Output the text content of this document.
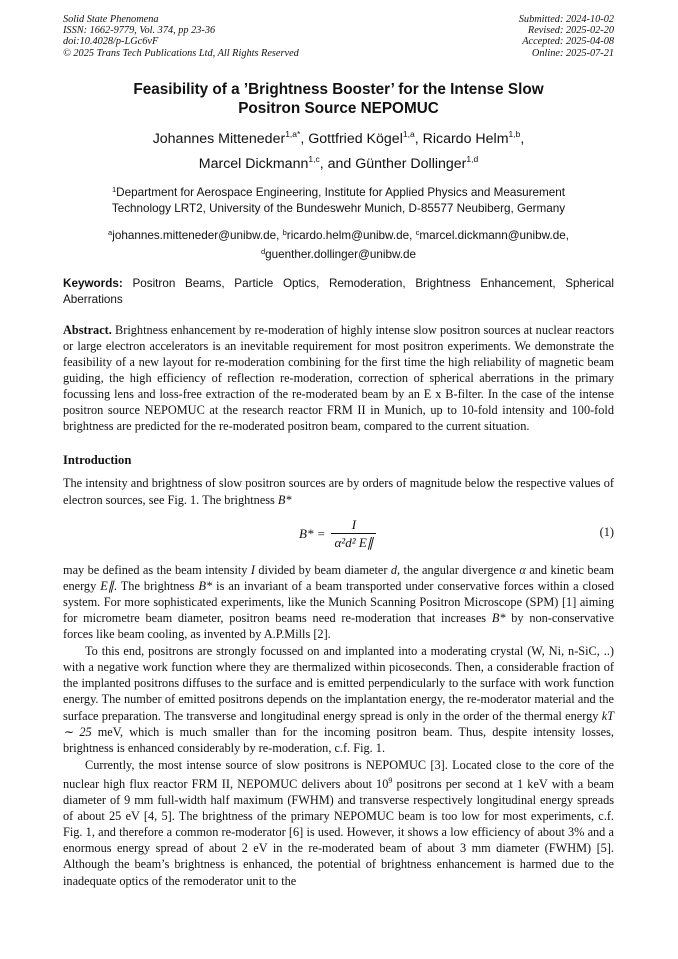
Solid State Phenomena
ISSN: 1662-9779, Vol. 374, pp 23-36
doi:10.4028/p-LGc6vF
© 2025 Trans Tech Publications Ltd, All Rights Reserved
Submitted: 2024-10-02
Revised: 2025-02-20
Accepted: 2025-04-08
Online: 2025-07-21
Feasibility of a ’Brightness Booster’ for the Intense Slow
Positron Source NEPOMUC
Johannes Mitteneder$^{1,a*}$, Gottfried Kögel$^{1,a}$, Ricardo Helm$^{1,b}$,
Marcel Dickmann$^{1,c}$, and Günther Dollinger$^{1,d}$
$^1$Department for Aerospace Engineering, Institute for Applied Physics and Measurement
Technology LRT2, University of the Bundeswehr Munich, D-85577 Neubiberg, Germany
$^a$johannes.mitteneder@unibw.de, $^b$ricardo.helm@unibw.de, $^c$marcel.dickmann@unibw.de,
$^d$guenther.dollinger@unibw.de
Keywords: Positron Beams, Particle Optics, Remoderation, Brightness Enhancement, Spherical Aberrations
Abstract. Brightness enhancement by re-moderation of highly intense slow positron sources at nuclear reactors or large electron accelerators is an inevitable requirement for most positron experiments. We demonstrate the feasibility of a new layout for re-moderation combining for the first time the high reliability of magnetic beam guiding, the high efficiency of reflection re-moderation, correction of spherical aberrations in the primary focussing lens and loss-free extraction of the re-moderated beam by an E x B-filter. In the case of the intense positron source NEPOMUC at the research reactor FRM II in Munich, up to 10-fold intensity and 100-fold brightness are predicted for the re-moderated positron beam, compared to the current situation.
Introduction

The intensity and brightness of slow positron sources are by orders of magnitude below the respective values of electron sources, see Fig. 1. The brightness B*

$B* = \frac{I}{\text{α²d² E∥}}$	(1)

may be defined as the beam intensity I divided by beam diameter d, the angular divergence α and kinetic beam energy E∥. The brightness B* is an invariant of a beam transported under conservative forces within a closed system. For more sophisticated experiments, like the Munich Scanning Positron Microscope (SPM) [1] aiming for micrometre beam diameter, positron beams need re-moderation that increases B* by non-conservative forces like beam cooling, as invented by A.P.Mills [2].

To this end, positrons are strongly focussed on and implanted into a moderating crystal (W, Ni, n-SiC, ..) with a negative work function where they are thermalized within picoseconds. Then, a considerable fraction of the implanted positrons diffuses to the surface and is emitted perpendicularly to the surface with work function energy. The number of emitted positrons depends on the implantation energy, the re-moderator material and the surface preparation. The transverse and longitudinal energy spread is only in the order of the thermal energy kT ∼ 25 meV, which is much smaller than for the incoming positron beam. Thus, despite intensity losses, brightness is enhanced considerably by re-moderation, c.f. Fig. 1.

Currently, the most intense source of slow positrons is NEPOMUC [3]. Located close to the core of the nuclear high flux reactor FRM II, NEPOMUC delivers about $10^9$ positrons per second at 1 keV with a beam diameter of 9 mm full-width half maximum (FWHM) and transverse respectively longitudinal energy spreads of about 25 eV [4, 5]. The brightness of the primary NEPOMUC beam is too low for most experiments, c.f. Fig. 1, and therefore a common re-moderator [6] is used. However, it shows a low efficiency of about 3% and a enormous energy spread of about 2 eV in the re-moderated beam of about 3 mm diameter (FWHM) [5]. Although the beam’s brightness is enhanced, the potential of brightness enhancement is harmed due to the inadequate optics of the remoderator unit to the
